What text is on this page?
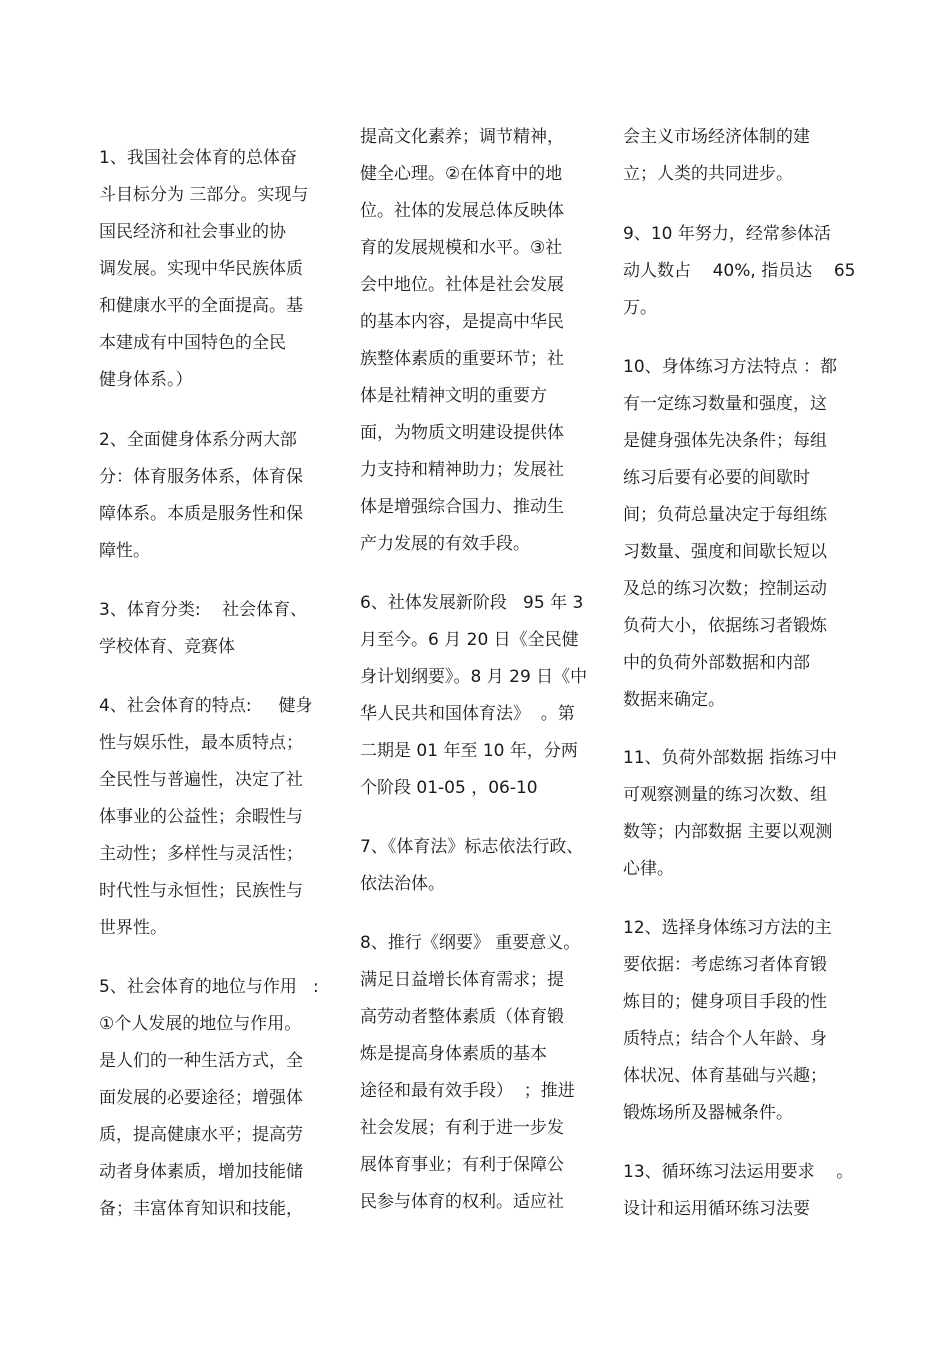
1、我国社会体育的总体奋
斗目标分为 三部分。实现与
国民经济和社会事业的协
调发展。实现中华民族体质
和健康水平的全面提高。基
本建成有中国特色的全民
健身体系。）
2、全面健身体系分两大部
分：体育服务体系，体育保
障体系。本质是服务性和保
障性。
3、体育分类:    社会体育、
学校体育、竞赛体
4、社会体育的特点:     健身
性与娱乐性，最本质特点；
全民性与普遍性，决定了社
体事业的公益性；余暇性与
主动性；多样性与灵活性；
时代性与永恒性；民族性与
世界性。
5、社会体育的地位与作用   :
①个人发展的地位与作用。
是人们的一种生活方式，全
面发展的必要途径；增强体
质，提高健康水平；提高劳
动者身体素质，增加技能储
备；丰富体育知识和技能，
提高文化素养；调节精神，
健全心理。②在体育中的地
位。社体的发展总体反映体
育的发展规模和水平。③社
会中地位。社体是社会发展
的基本内容，是提高中华民
族整体素质的重要环节；社
体是社精神文明的重要方
面，为物质文明建设提供体
力支持和精神助力；发展社
体是增强综合国力、推动生
产力发展的有效手段。
6、社体发展新阶段   95 年 3
月至今。6 月 20 日《全民健
身计划纲要》。8 月 29 日《中
华人民共和国体育法》  。第
二期是 01 年至 10 年，分两
个阶段 01-05 ，06-10
7、《体育法》标志依法行政、
依法治体。
8、推行《纲要》 重要意义。
满足日益增长体育需求；提
高劳动者整体素质（体育锻
炼是提高身体素质的基本
途径和最有效手段）  ；推进
社会发展；有利于进一步发
展体育事业；有利于保障公
民参与体育的权利。适应社
会主义市场经济体制的建
立；人类的共同进步。
9、10 年努力，经常参体活
动人数占    40%, 指员达    65
万。
10、身体练习方法特点 ：都
有一定练习数量和强度，这
是健身强体先决条件；每组
练习后要有必要的间歇时
间；负荷总量决定于每组练
习数量、强度和间歇长短以
及总的练习次数；控制运动
负荷大小，依据练习者锻炼
中的负荷外部数据和内部
数据来确定。
11、负荷外部数据 指练习中
可观察测量的练习次数、组
数等；内部数据 主要以观测
心律。
12、选择身体练习方法的主
要依据：考虑练习者体育锻
炼目的；健身项目手段的性
质特点；结合个人年龄、身
体状况、体育基础与兴趣；
锻炼场所及器械条件。
13、循环练习法运用要求    。
设计和运用循环练习法要
